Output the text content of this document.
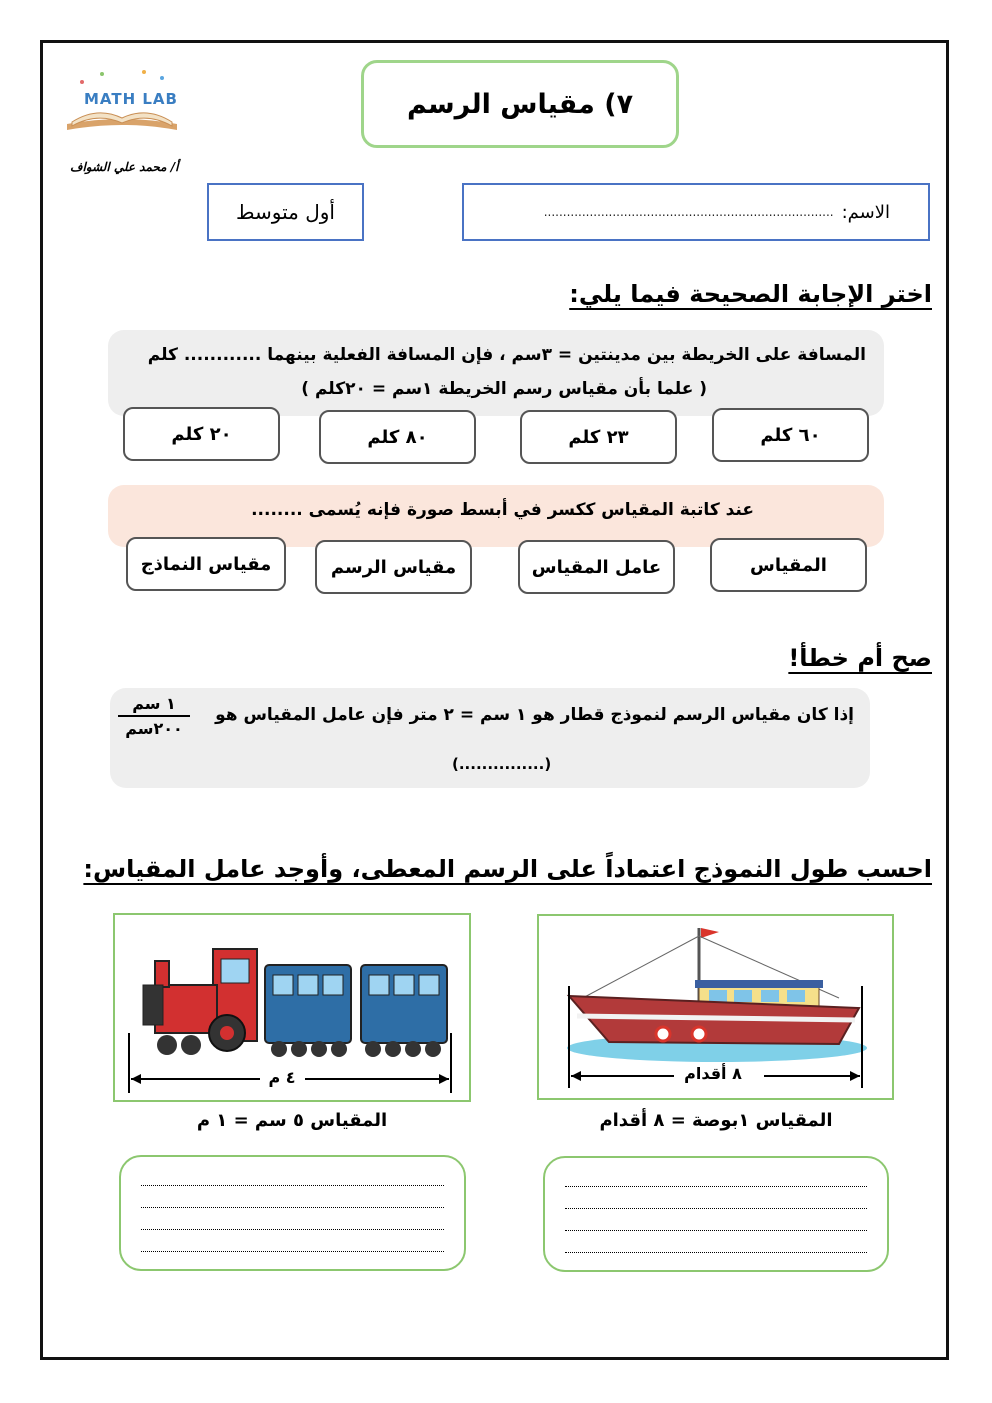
MATH LAB
أ/ محمد علي الشواف
٧) مقياس الرسم
أول متوسط	الاسم:
............................................................................
اختر الإجابة الصحيحة فيما يلي:
المسافة على الخريطة بين مدينتين = ٣سم ، فإن المسافة الفعلية بينهما ............ كلم
( علما بأن مقياس رسم الخريطة ١سم = ٢٠كلم )
٦٠ كلم
٢٣ كلم
٨٠ كلم
٢٠ كلم
عند كاتبة المقياس ككسر في أبسط صورة فإنه يُسمى ........
المقياس
عامل المقياس
مقياس الرسم
مقياس النماذج
صح أم خطأ!
إذا كان مقياس الرسم لنموذج قطار هو ١ سم = ٢ متر فإن عامل المقياس هو
١ سم
٢٠٠سم
(...............)
احسب طول النموذج اعتماداً على الرسم المعطى، وأوجد عامل المقياس:
٨ أقدام
المقياس ١بوصة = ٨ أقدام
٤ م
المقياس ٥ سم = ١ م
